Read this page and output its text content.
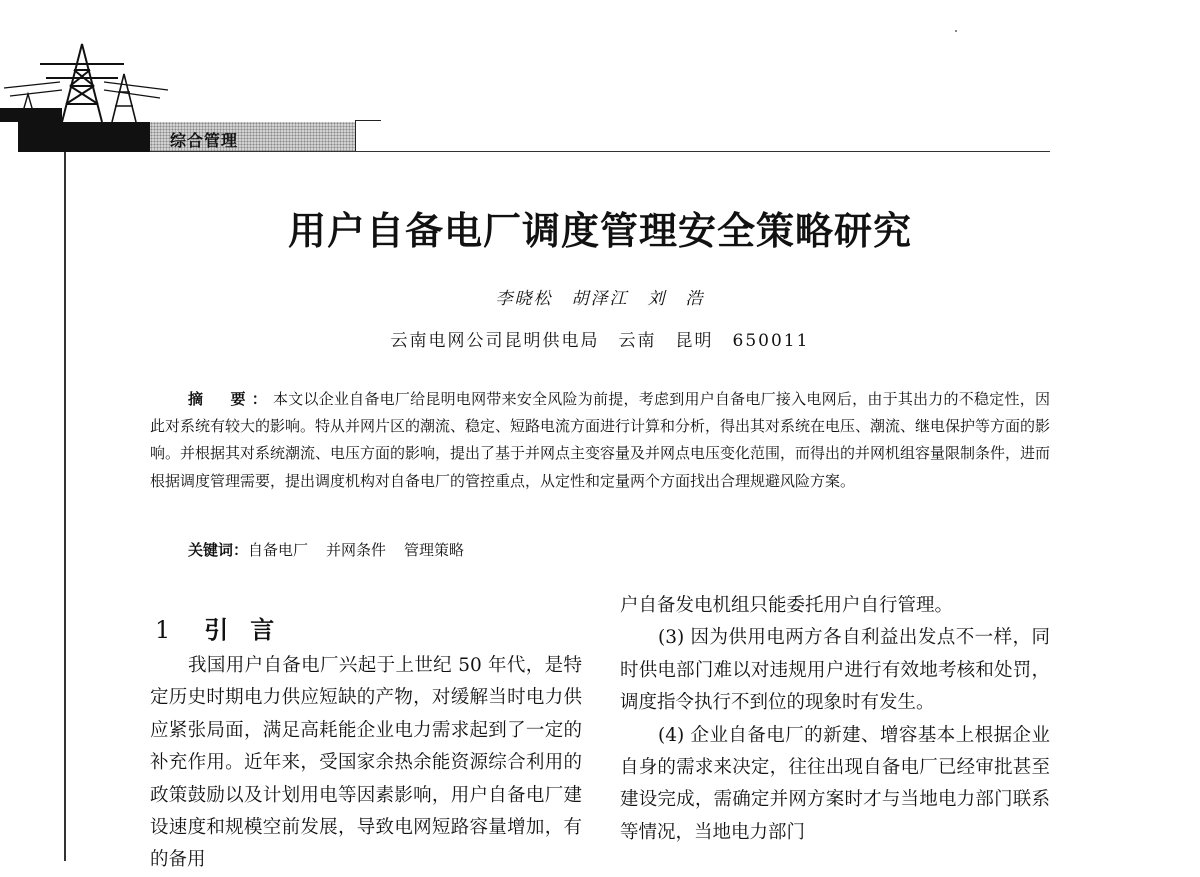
综合管理
用户自备电厂调度管理安全策略研究
李晓松　胡泽江　刘　浩
云南电网公司昆明供电局　云南　昆明　650011
摘　要：本文以企业自备电厂给昆明电网带来安全风险为前提，考虑到用户自备电厂接入电网后，由于其出力的不稳定性，因此对系统有较大的影响。特从并网片区的潮流、稳定、短路电流方面进行计算和分析，得出其对系统在电压、潮流、继电保护等方面的影响。并根据其对系统潮流、电压方面的影响，提出了基于并网点主变容量及并网点电压变化范围，而得出的并网机组容量限制条件，进而根据调度管理需要，提出调度机构对自备电厂的管控重点，从定性和定量两个方面找出合理规避风险方案。
关键词：自备电厂 并网条件 管理策略
1 引言

我国用户自备电厂兴起于上世纪 50 年代，是特定历史时期电力供应短缺的产物，对缓解当时电力供应紧张局面，满足高耗能企业电力需求起到了一定的补充作用。近年来，受国家余热余能资源综合利用的政策鼓励以及计划用电等因素影响，用户自备电厂建设速度和规模空前发展，导致电网短路容量增加，有的备用

户自备发电机组只能委托用户自行管理。

(3) 因为供用电两方各自利益出发点不一样，同时供电部门难以对违规用户进行有效地考核和处罚，调度指令执行不到位的现象时有发生。

(4) 企业自备电厂的新建、增容基本上根据企业自身的需求来决定，往往出现自备电厂已经审批甚至建设完成，需确定并网方案时才与当地电力部门联系等情况，当地电力部门
